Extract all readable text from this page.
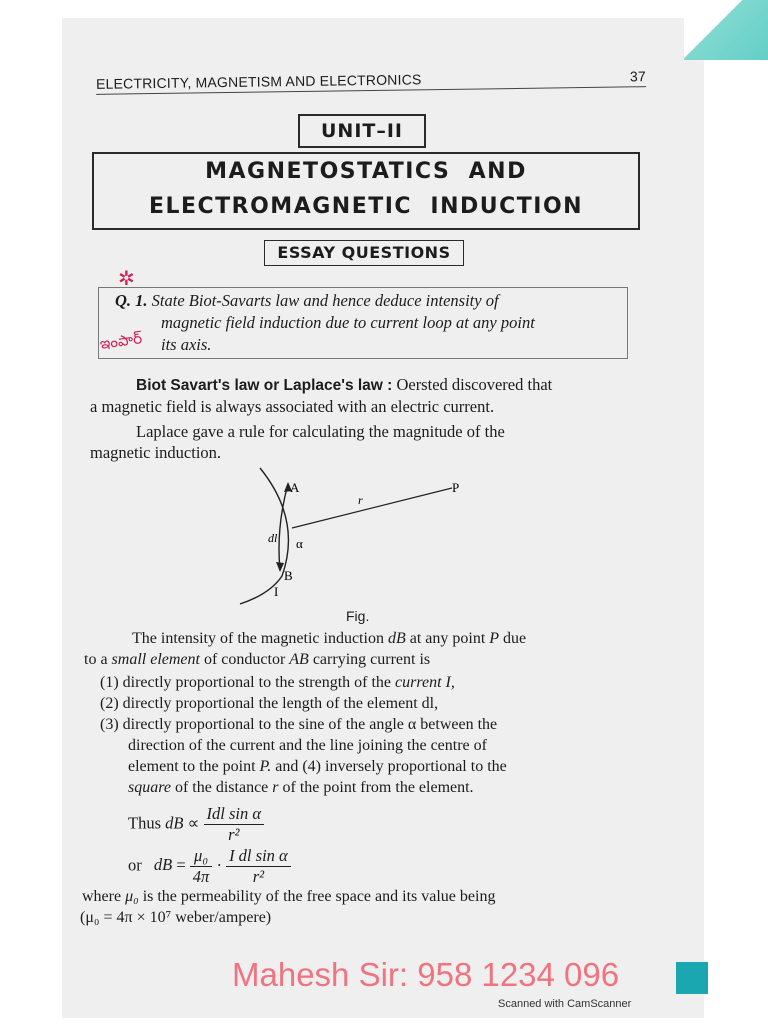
ELECTRICITY, MAGNETISM AND ELECTRONICS	37
UNIT–II
MAGNETOSTATICS  AND
ELECTROMAGNETIC  INDUCTION
ESSAY QUESTIONS
✲
ఇంపార్
Q. 1. State Biot-Savarts law and hence deduce intensity of
magnetic field induction due to current loop at any point
its axis.
Biot Savart's law or Laplace's law : Oersted discovered that
a magnetic field is always associated with an electric current.
Laplace gave a rule for calculating the magnitude of the
magnetic induction.
A	P
r
dl α
B
I
Fig.
The intensity of the magnetic induction dB at any point P due
to a small element of conductor AB carrying current is
(1) directly proportional to the strength of the current I,
(2) directly proportional the length of the element dl,
(3) directly proportional to the sine of the angle α between the
direction of the current and the line joining the centre of
element to the point P. and (4) inversely proportional to the
square of the distance r of the point from the element.
Thus dB ∝ $\frac{\text{Idl sin α}}{\text{r²}}$
or dB = $\frac{\text{μ₀}}{4\pi} \cdot \frac{\text{I dl sin α}}{\text{r²}}$
where μ₀ is the permeability of the free space and its value being
(μ₀ = 4π × 10⁷ weber/ampere)
Mahesh Sir: 958 1234 096
Scanned with CamScanner
